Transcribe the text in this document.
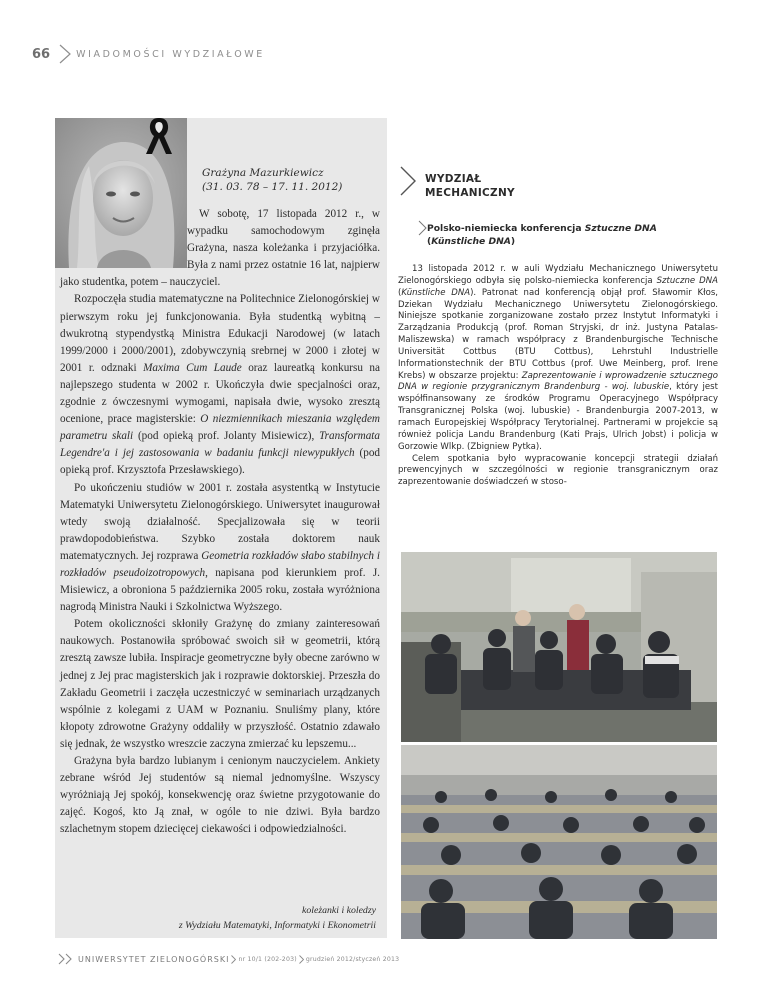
66	WIADOMOŚCI WYDZIAŁOWE
Grażyna Mazurkiewicz
(31. 03. 78 – 17. 11. 2012)

W sobotę, 17 listopada 2012 r., w wypadku samochodowym zginęła Grażyna, nasza koleżanka i przyjaciółka. Była z nami przez ostatnie 16 lat, najpierw jako studentka, potem – nauczyciel.

Rozpoczęła studia matematyczne na Politechnice Zielonogórskiej w pierwszym roku jej funkcjonowania. Była studentką wybitną – dwukrotną stypendystką Ministra Edukacji Narodowej (w latach 1999/2000 i 2000/2001), zdobywczynią srebrnej w 2000 i złotej w 2001 r. odznaki Maxima Cum Laude oraz laureatką konkursu na najlepszego studenta w 2002 r. Ukończyła dwie specjalności oraz, zgodnie z ówczesnymi wymogami, napisała dwie, wysoko zresztą ocenione, prace magisterskie: O niezmiennikach mieszania względem parametru skali (pod opieką prof. Jolanty Misiewicz), Transformata Legendre'a i jej zastosowania w badaniu funkcji niewypukłych (pod opieką prof. Krzysztofa Przesławskiego).

Po ukończeniu studiów w 2001 r. została asystentką w Instytucie Matematyki Uniwersytetu Zielonogórskiego. Uniwersytet inaugurował wtedy swoją działalność. Specjalizowała się w teorii prawdopodobieństwa. Szybko została doktorem nauk matematycznych. Jej rozprawa Geometria rozkładów słabo stabilnych i rozkładów pseudoizotropowych, napisana pod kierunkiem prof. J. Misiewicz, a obroniona 5 października 2005 roku, została wyróżniona nagrodą Ministra Nauki i Szkolnictwa Wyższego.

Potem okoliczności skłoniły Grażynę do zmiany zainteresowań naukowych. Postanowiła spróbować swoich sił w geometrii, którą zresztą zawsze lubiła. Inspiracje geometryczne były obecne zarówno w jednej z Jej prac magisterskich jak i rozprawie doktorskiej. Przeszła do Zakładu Geometrii i zaczęła uczestniczyć w seminariach urządzanych wspólnie z kolegami z UAM w Poznaniu. Snuliśmy plany, które kłopoty zdrowotne Grażyny oddaliły w przyszłość. Ostatnio zdawało się jednak, że wszystko wreszcie zaczyna zmierzać ku lepszemu...

Grażyna była bardzo lubianym i cenionym nauczycielem. Ankiety zebrane wśród Jej studentów są niemal jednomyślne. Wszyscy wyróżniają Jej spokój, konsekwencję oraz świetne przygotowanie do zajęć. Kogoś, kto Ją znał, w ogóle to nie dziwi. Była bardzo szlachetnym stopem dziecięcej ciekawości i odpowiedzialności.

koleżanki i koledzy
z Wydziału Matematyki, Informatyki i Ekonometrii
UNIWERSYTET ZIELONOGÓRSKI nr 10/1 (202-203) grudzień 2012/styczeń 2013
WYDZIAŁ
MECHANICZNY
Polsko-niemiecka konferencja Sztuczne DNA (Künstliche DNA)

13 listopada 2012 r. w auli Wydziału Mechanicznego Uniwersytetu Zielonogórskiego odbyła się polsko-niemiecka konferencja Sztuczne DNA (Künstliche DNA). Patronat nad konferencją objął prof. Sławomir Kłos, Dziekan Wydziału Mechanicznego Uniwersytetu Zielonogórskiego. Niniejsze spotkanie zorganizowane zostało przez Instytut Informatyki i Zarządzania Produkcją (prof. Roman Stryjski, dr inż. Justyna Patalas-Maliszewska) w ramach współpracy z Brandenburgische Technische Universität Cottbus (BTU Cottbus), Lehrstuhl Industrielle Informationstechnik der BTU Cottbus (prof. Uwe Meinberg, prof. Irene Krebs) w obszarze projektu: Zaprezentowanie i wprowadzenie sztucznego DNA w regionie przygranicznym Brandenburg - woj. lubuskie, który jest współfinansowany ze środków Programu Operacyjnego Współpracy Transgranicznej Polska (woj. lubuskie) - Brandenburgia 2007-2013, w ramach Europejskiej Współpracy Terytorialnej. Partnerami w projekcie są również policja Landu Brandenburg (Kati Prajs, Ulrich Jobst) i policja w Gorzowie Wlkp. (Zbigniew Pytka).

Celem spotkania było wypracowanie koncepcji strategii działań prewencyjnych w szczególności w regionie transgranicznym oraz zaprezentowanie doświadczeń w stoso-
